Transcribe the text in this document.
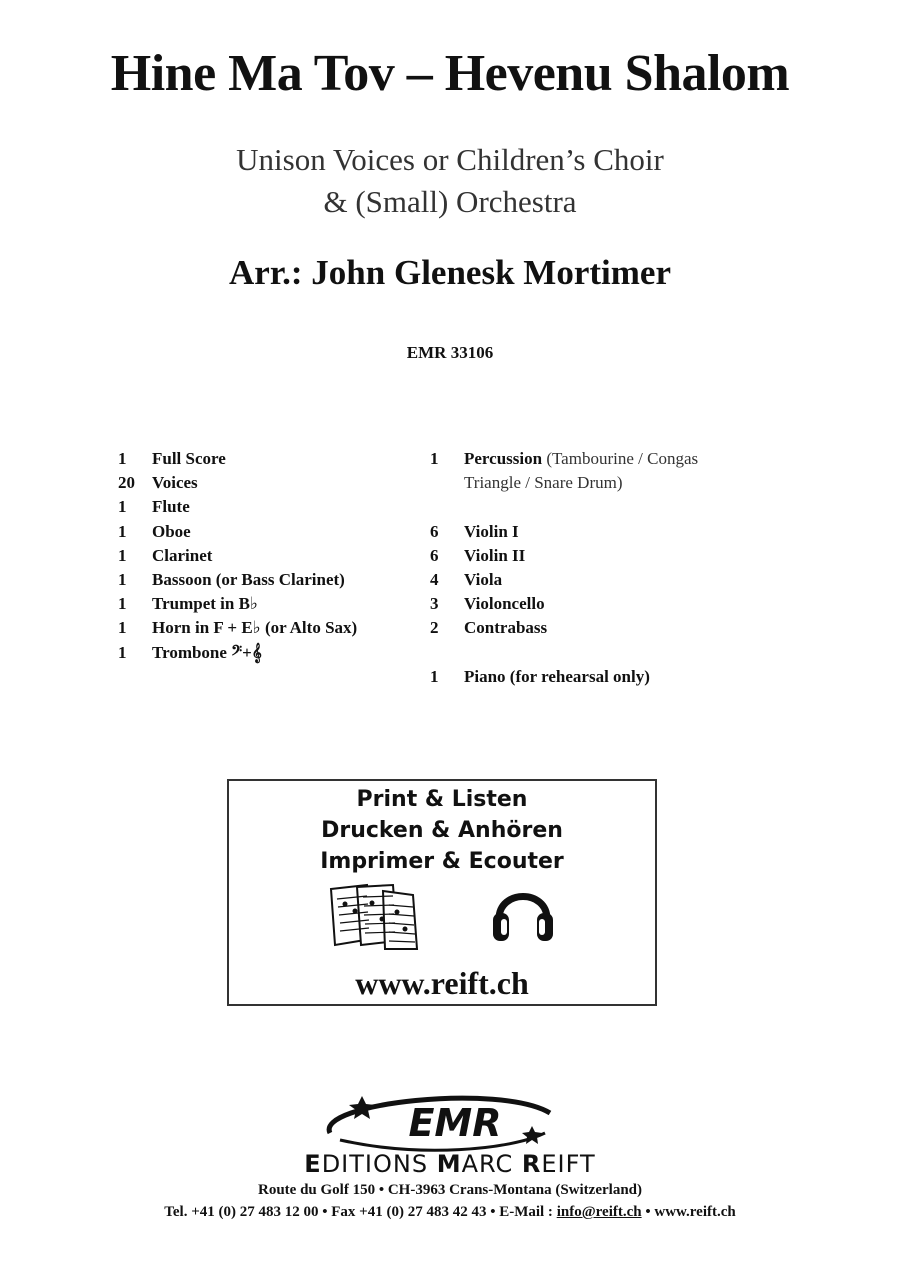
Hine Ma Tov – Hevenu Shalom
Unison Voices or Children’s Choir
& (Small) Orchestra
Arr.: John Glenesk Mortimer
EMR 33106
1 Full Score
20 Voices
1 Flute
1 Oboe
1 Clarinet
1 Bassoon (or Bass Clarinet)
1 Trumpet in B♭
1 Horn in F + E♭ (or Alto Sax)
1 Trombone 𝄢+𝄞
1 Percussion (Tambourine / Congas
Triangle / Snare Drum)
6 Violin I
6 Violin II
4 Viola
3 Violoncello
2 Contrabass
1 Piano (for rehearsal only)
Print & Listen
Drucken & Anhören
Imprimer & Ecouter
www.reift.ch
EMR
EDITIONS MARC REIFT
Route du Golf 150 • CH-3963 Crans-Montana (Switzerland)
Tel. +41 (0) 27 483 12 00 • Fax +41 (0) 27 483 42 43 • E-Mail : info@reift.ch • www.reift.ch
